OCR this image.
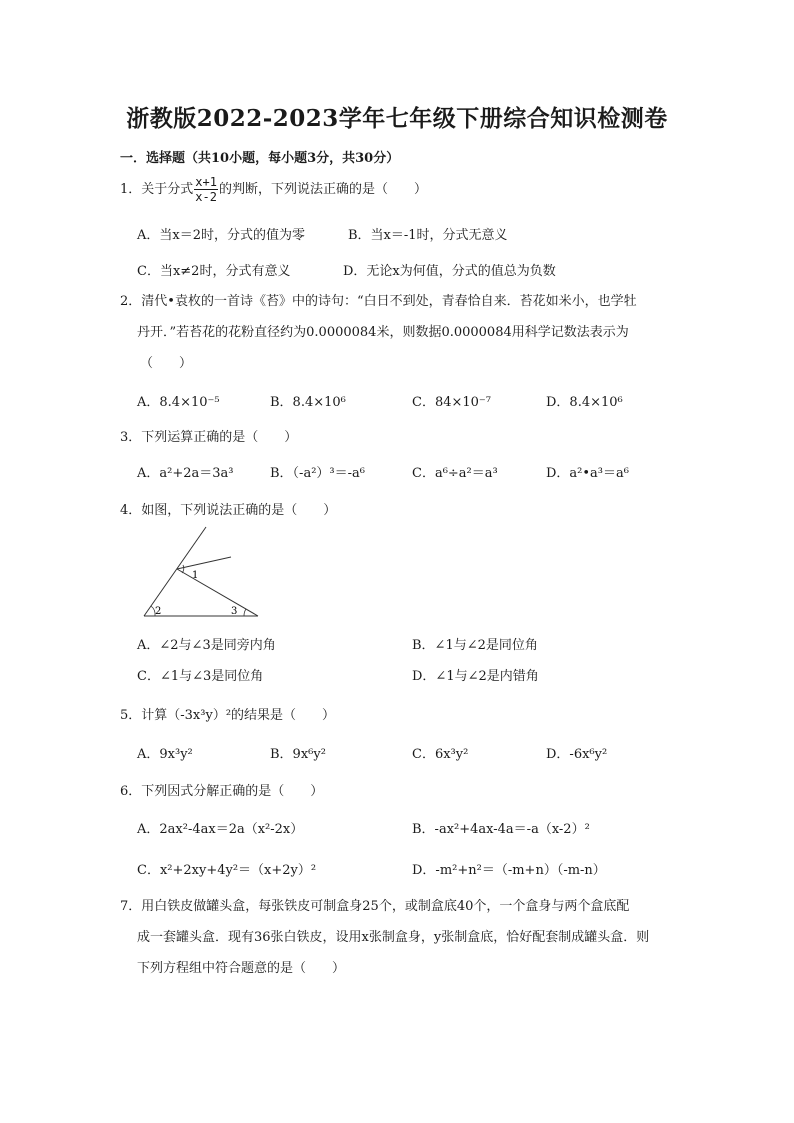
浙教版2022-2023学年七年级下册综合知识检测卷
一．选择题（共10小题，每小题3分，共30分）
1．关于分式 $\frac{x+1}{x-2}$ 的判断，下列说法正确的是（　　）
A．当x＝2时，分式的值为零	B．当x＝-1时，分式无意义
C．当x≠2时，分式有意义	D．无论x为何值，分式的值总为负数
2．清代•袁枚的一首诗《苔》中的诗句：“白日不到处，青春恰自来．苔花如米小，也学牡
丹开．”若苔花的花粉直径约为0.0000084米，则数据0.0000084用科学记数法表示为
（　　）
A．8.4×10⁻⁵	B．8.4×10⁶	C．84×10⁻⁷	D．8.4×10⁶
3．下列运算正确的是（　　）
A．a²+2a＝3a³	B．（-a²）³＝-a⁶	C．a⁶÷a²＝a³	D．a²•a³＝a⁶
4．如图，下列说法正确的是（　　）
1
2	3
A．∠2与∠3是同旁内角	B．∠1与∠2是同位角
C．∠1与∠3是同位角	D．∠1与∠2是内错角
5．计算（-3x³y）²的结果是（　　）
A．9x³y²	B．9x⁶y²	C．6x³y²	D．-6x⁶y²
6．下列因式分解正确的是（　　）
A．2ax²-4ax＝2a（x²-2x）	B．-ax²+4ax-4a＝-a（x-2）²
C．x²+2xy+4y²＝（x+2y）²	D．-m²+n²＝（-m+n）（-m-n）
7．用白铁皮做罐头盒，每张铁皮可制盒身25个，或制盒底40个，一个盒身与两个盒底配
成一套罐头盒．现有36张白铁皮，设用x张制盒身，y张制盒底，恰好配套制成罐头盒．则
下列方程组中符合题意的是（　　）
